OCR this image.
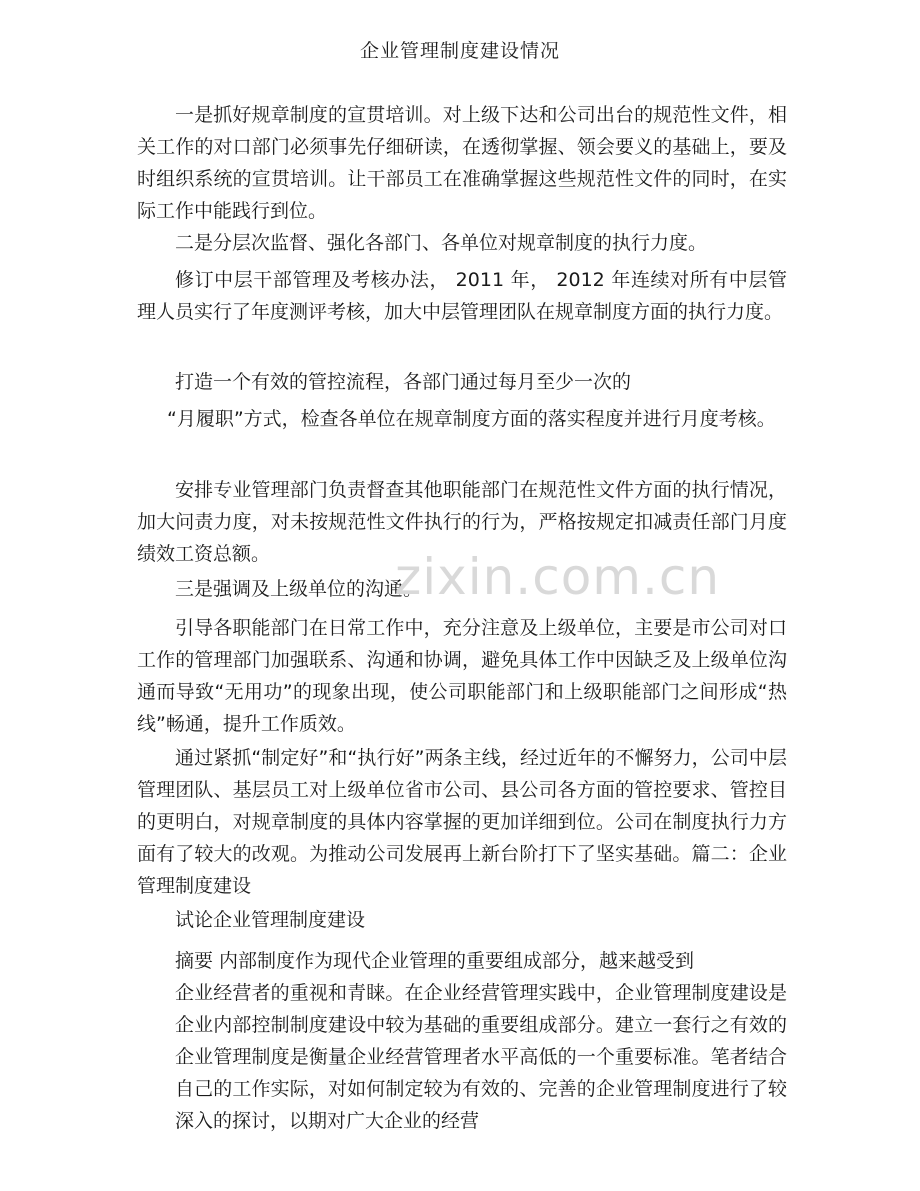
企业管理制度建设情况
一是抓好规章制度的宣贯培训。对上级下达和公司出台的规范性文件，相关工作的对口部门必须事先仔细研读，在透彻掌握、领会要义的基础上，要及时组织系统的宣贯培训。让干部员工在准确掌握这些规范性文件的同时，在实际工作中能践行到位。
二是分层次监督、强化各部门、各单位对规章制度的执行力度。
修订中层干部管理及考核办法， 2011 年， 2012 年连续对所有中层管理人员实行了年度测评考核，加大中层管理团队在规章制度方面的执行力度。
打造一个有效的管控流程，各部门通过每月至少一次的
“月履职”方式，检查各单位在规章制度方面的落实程度并进行月度考核。
安排专业管理部门负责督查其他职能部门在规范性文件方面的执行情况，加大问责力度，对未按规范性文件执行的行为，严格按规定扣减责任部门月度绩效工资总额。
三是强调及上级单位的沟通。
引导各职能部门在日常工作中，充分注意及上级单位，主要是市公司对口工作的管理部门加强联系、沟通和协调，避免具体工作中因缺乏及上级单位沟通而导致“无用功”的现象出现，使公司职能部门和上级职能部门之间形成“热线”畅通，提升工作质效。
通过紧抓“制定好”和“执行好”两条主线，经过近年的不懈努力，公司中层管理团队、基层员工对上级单位省市公司、县公司各方面的管控要求、管控目的更明白，对规章制度的具体内容掌握的更加详细到位。公司在制度执行力方面有了较大的改观。为推动公司发展再上新台阶打下了坚实基础。篇二：企业管理制度建设
试论企业管理制度建设
摘要 内部制度作为现代企业管理的重要组成部分，越来越受到
企业经营者的重视和青睐。在企业经营管理实践中，企业管理制度建设是企业内部控制制度建设中较为基础的重要组成部分。建立一套行之有效的企业管理制度是衡量企业经营管理者水平高低的一个重要标准。笔者结合自己的工作实际，对如何制定较为有效的、完善的企业管理制度进行了较深入的探讨，以期对广大企业的经营
zixin.com.cn
